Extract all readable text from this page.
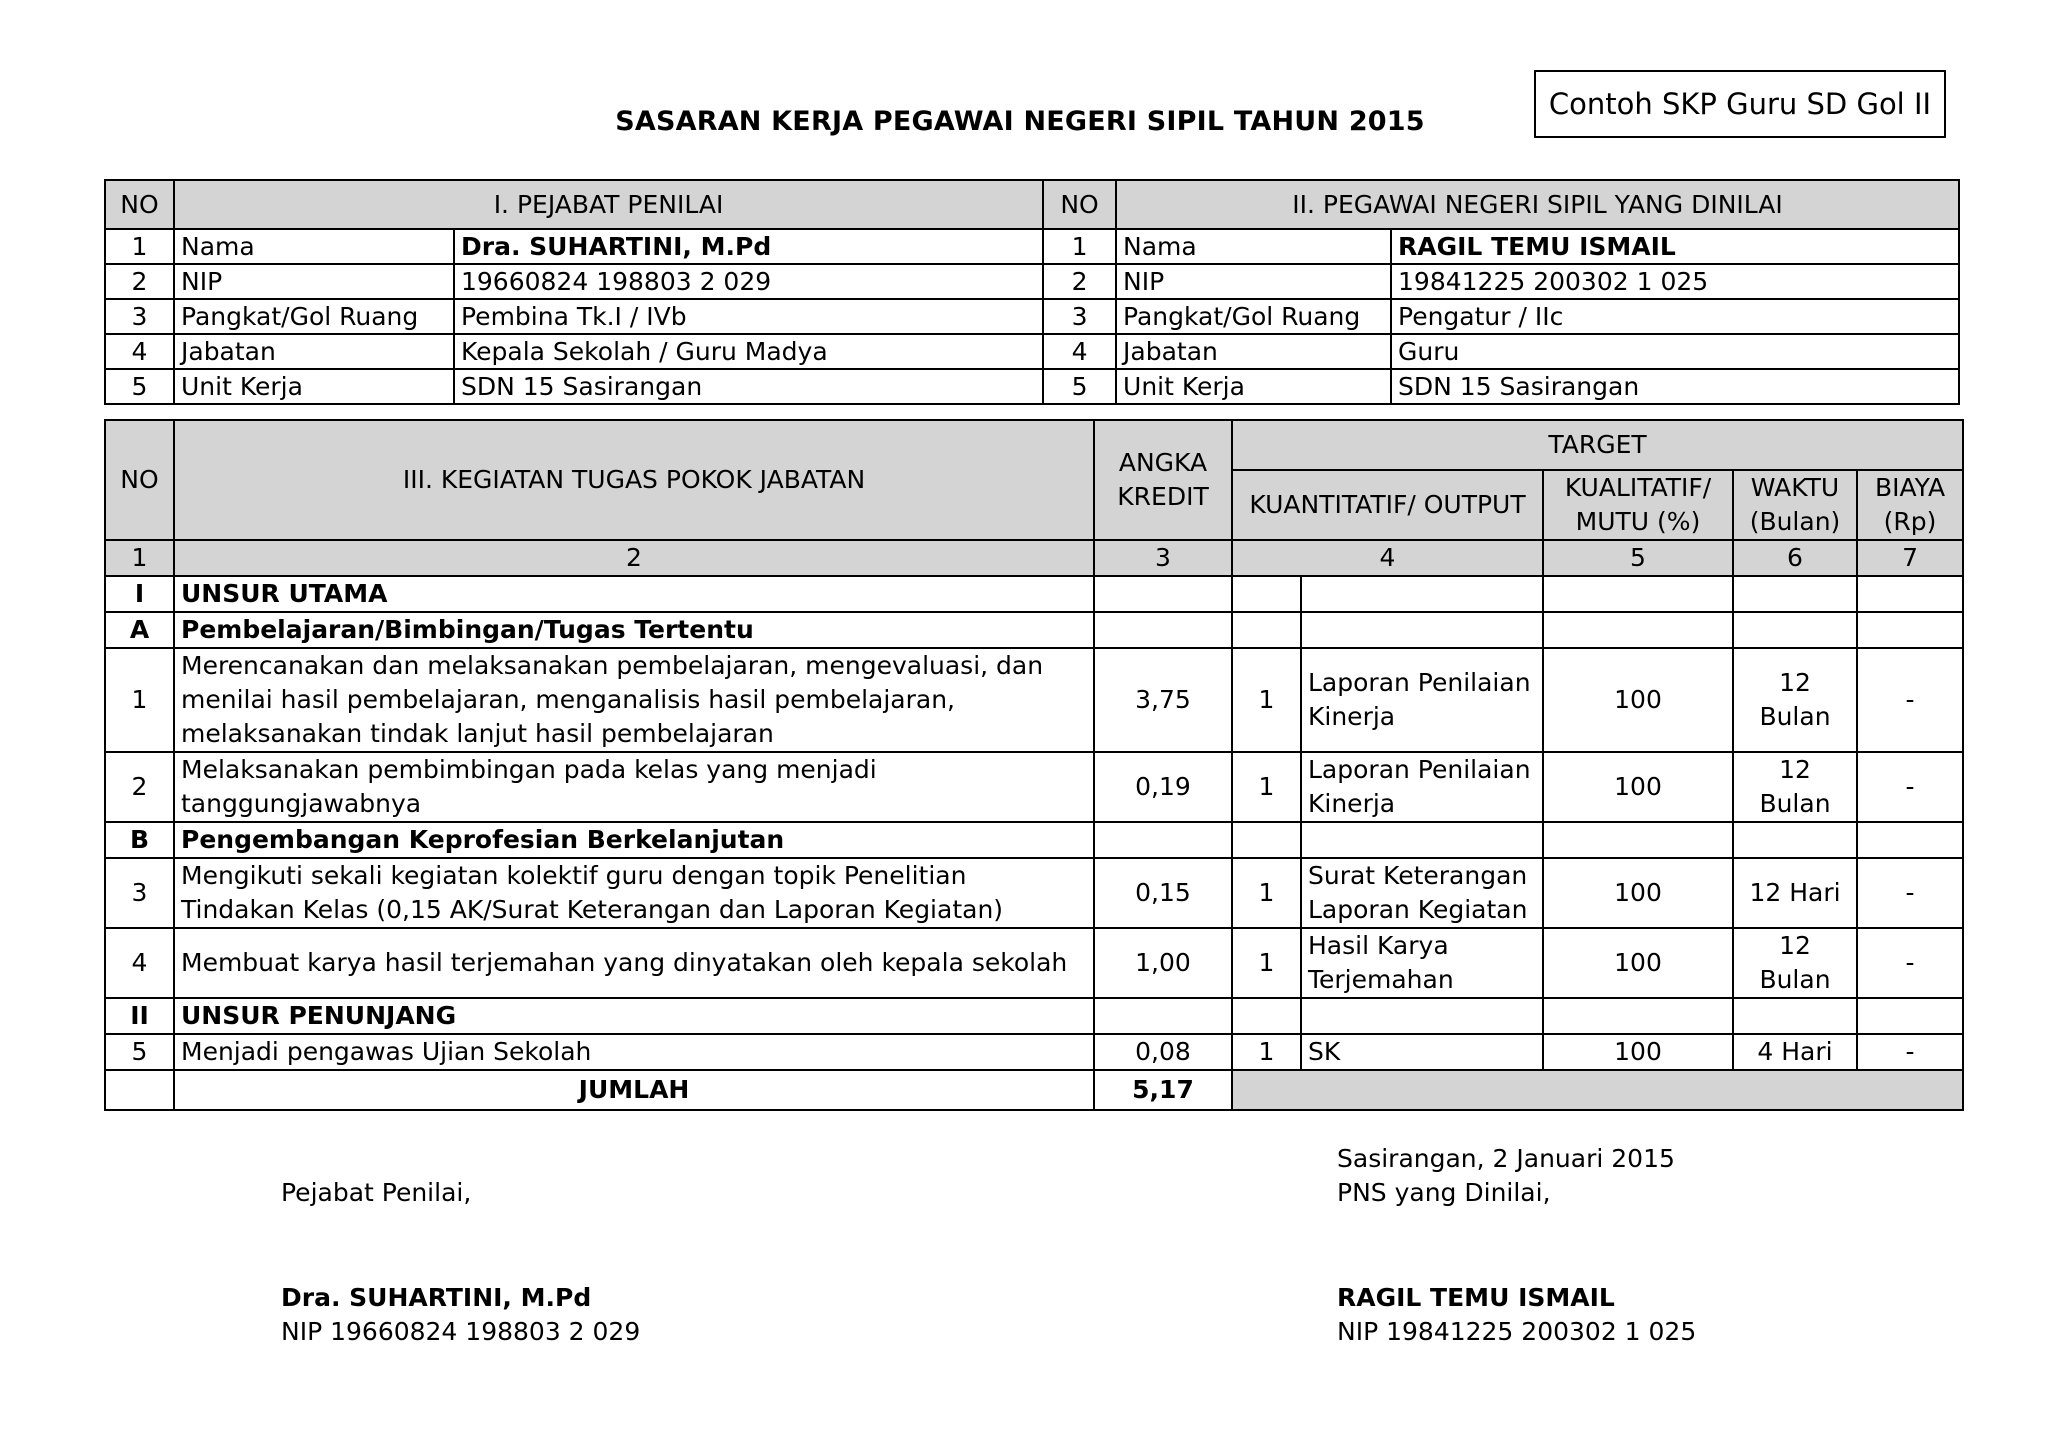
SASARAN KERJA PEGAWAI NEGERI SIPIL TAHUN 2015
Contoh SKP Guru SD Gol II
NO	I. PEJABAT PENILAI		NO	II. PEGAWAI NEGERI SIPIL YANG DINILAI	
1	Nama	Dra. SUHARTINI, M.Pd	1	Nama	RAGIL TEMU ISMAIL
2	NIP	19660824 198803 2 029	2	NIP	19841225 200302 1 025
3	Pangkat/Gol Ruang	Pembina Tk.I / IVb	3	Pangkat/Gol Ruang	Pengatur / IIc
4	Jabatan	Kepala Sekolah / Guru Madya	4	Jabatan	Guru
5	Unit Kerja	SDN 15 Sasirangan	5	Unit Kerja	SDN 15 Sasirangan
NO	III. KEGIATAN TUGAS POKOK JABATAN	ANGKA KREDIT	TARGET				
			KUANTITATIF/ OUTPUT		KUALITATIF/ MUTU (%)	WAKTU (Bulan)	BIAYA (Rp)
1	2	3	4		5	6	7
I	UNSUR UTAMA						
A	Pembelajaran/Bimbingan/Tugas Tertentu						
1	Merencanakan dan melaksanakan pembelajaran, mengevaluasi, dan menilai hasil pembelajaran, menganalisis hasil pembelajaran, melaksanakan tindak lanjut hasil pembelajaran	3,75	1	Laporan Penilaian Kinerja	100	12 Bulan	-
2	Melaksanakan pembimbingan pada kelas yang menjadi tanggungjawabnya	0,19	1	Laporan Penilaian Kinerja	100	12 Bulan	-
B	Pengembangan Keprofesian Berkelanjutan						
3	Mengikuti sekali kegiatan kolektif guru dengan topik Penelitian Tindakan Kelas (0,15 AK/Surat Keterangan dan Laporan Kegiatan)	0,15	1	Surat Keterangan Laporan Kegiatan	100	12 Hari	-
4	Membuat karya hasil terjemahan yang dinyatakan oleh kepala sekolah	1,00	1	Hasil Karya Terjemahan	100	12 Bulan	-
II	UNSUR PENUNJANG						
5	Menjadi pengawas Ujian Sekolah	0,08	1	SK	100	4 Hari	-
	JUMLAH	5,17					
Pejabat Penilai,
Dra. SUHARTINI, M.Pd
NIP 19660824 198803 2 029
Sasirangan, 2 Januari 2015
PNS yang Dinilai,
RAGIL TEMU ISMAIL
NIP 19841225 200302 1 025
